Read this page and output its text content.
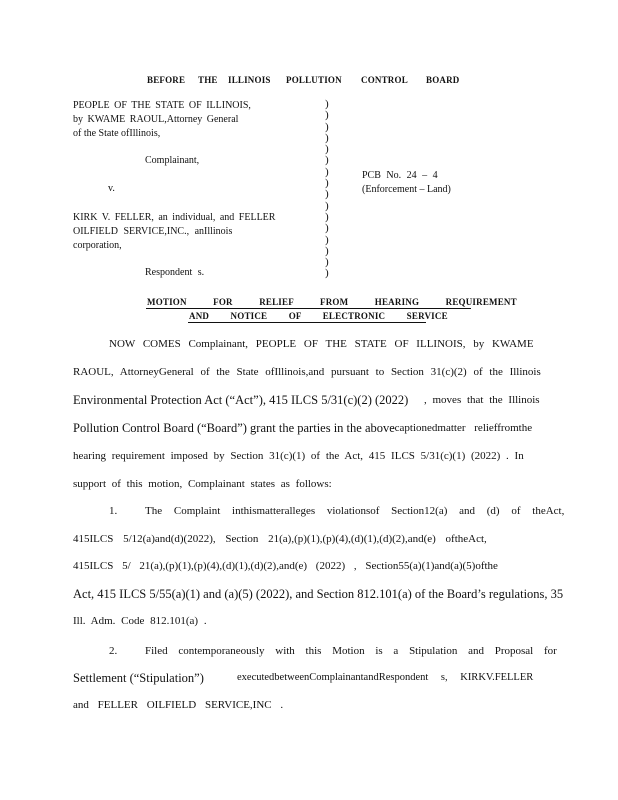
BEFORE THE ILLINOIS POLLUTION CONTROL BOARD
PEOPLE OF THE STATE OF ILLINOIS,
by KWAME RAOUL,Attorney General
of the State ofIllinois,
Complainant,
v.
KIRK V. FELLER, an individual, and FELLER
OILFIELD SERVICE,INC., anIllinois
corporation,
Respondent s.
)
)
)
)
)
)
)
)
)
)
)
)
)
)
)
)
PCB No. 24 – 4
(Enforcement – Land)
MOTION FOR RELIEF FROM HEARING REQUIREMENT
AND NOTICE OF ELECTRONIC SERVICE
NOW COMES Complainant, PEOPLE OF THE STATE OF ILLINOIS, by KWAME
RAOUL, AttorneyGeneral of the State ofIllinois,and pursuant to Section 31(c)(2) of the Illinois
Environmental Protection Act (“Act”), 415 ILCS 5/31(c)(2) (2022) , moves that the Illinois
Pollution Control Board (“Board”) grant the parties in the above
-captionedmatter relieffromthe
hearing requirement imposed by Section 31(c)(1) of the Act, 415 ILCS 5/31(c)(1) (2022) . In
support of this motion, Complainant states as follows:
1.	The Complaint inthismatteralleges violationsof Section12(a) and (d) of theAct,
415ILCS 5/12(a)and(d)(2022), Section 21(a),(p)(1),(p)(4),(d)(1),(d)(2),and(e) oftheAct,
415ILCS 5/ 21(a),(p)(1),(p)(4),(d)(1),(d)(2),and(e) (2022) , Section55(a)(1)and(a)(5)ofthe
Act, 415 ILCS 5/55(a)(1) and (a)(5) (2022), and Section 812.101(a) of the Board’s regulations, 35
Ill. Adm. Code 812.101(a) .
2.	Filed contemporaneously with this Motion is a Stipulation and Proposal for
Settlement (“Stipulation”)	executedbetweenComplainantandRespondent s, KIRKV.FELLER
and FELLER OILFIELD SERVICE,INC .
